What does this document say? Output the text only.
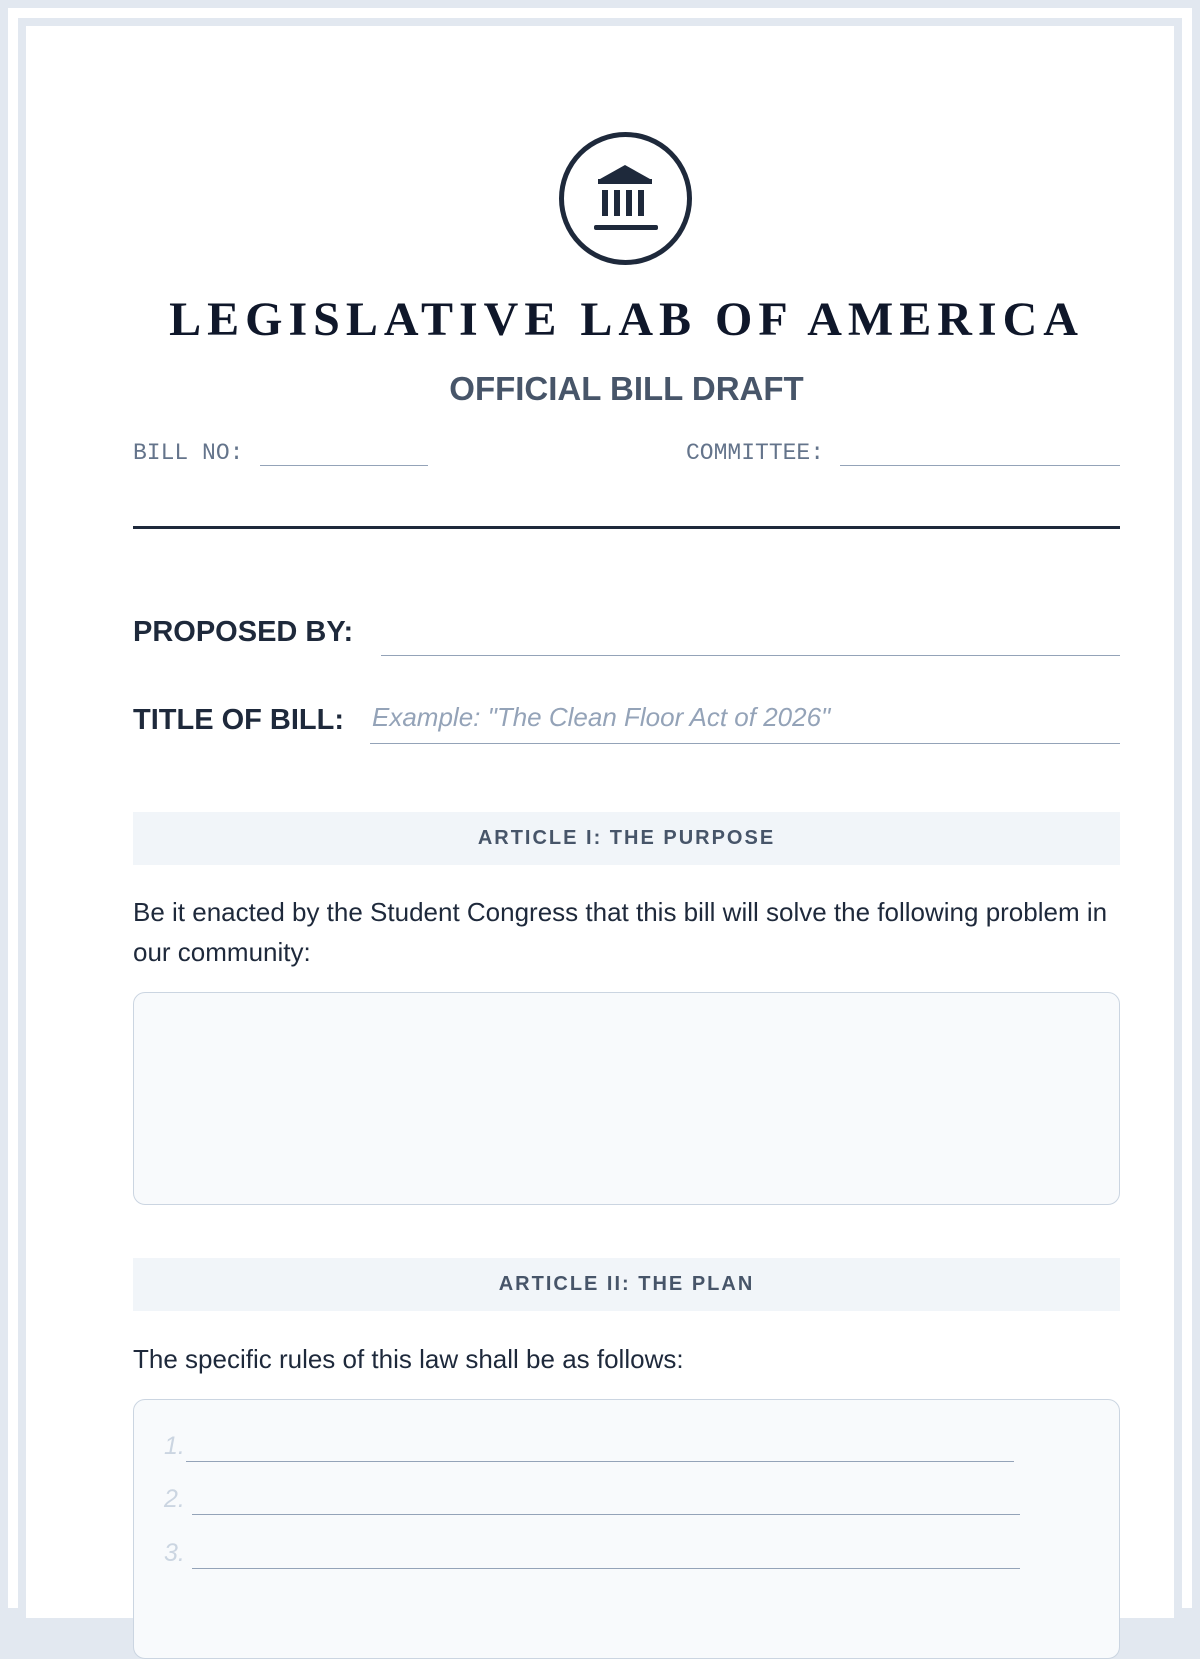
LEGISLATIVE LAB OF AMERICA
OFFICIAL BILL DRAFT
BILL NO:	COMMITTEE:
PROPOSED BY:
TITLE OF BILL: Example: "The Clean Floor Act of 2026"
ARTICLE I: THE PURPOSE
Be it enacted by the Student Congress that this bill will solve the following problem in our community:
ARTICLE II: THE PLAN
The specific rules of this law shall be as follows:
1.
2.
3.
